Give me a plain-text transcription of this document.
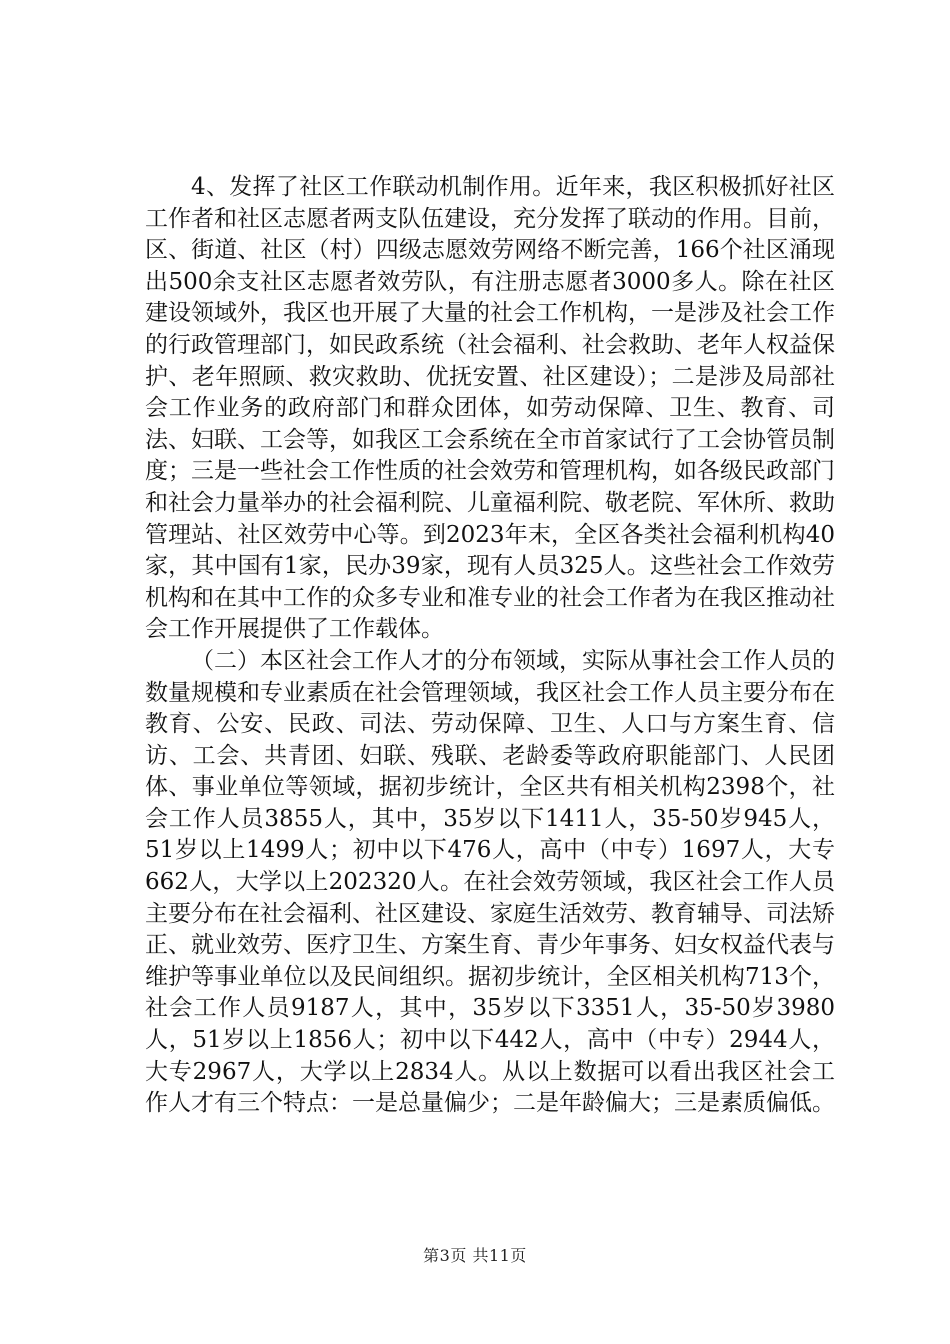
4、发挥了社区工作联动机制作用。近年来，我区积极抓好社区工作者和社区志愿者两支队伍建设，充分发挥了联动的作用。目前，区、街道、社区（村）四级志愿效劳网络不断完善，166个社区涌现出500余支社区志愿者效劳队，有注册志愿者3000多人。除在社区建设领域外，我区也开展了大量的社会工作机构，一是涉及社会工作的行政管理部门，如民政系统（社会福利、社会救助、老年人权益保护、老年照顾、救灾救助、优抚安置、社区建设）；二是涉及局部社会工作业务的政府部门和群众团体，如劳动保障、卫生、教育、司法、妇联、工会等，如我区工会系统在全市首家试行了工会协管员制度；三是一些社会工作性质的社会效劳和管理机构，如各级民政部门和社会力量举办的社会福利院、儿童福利院、敬老院、军休所、救助管理站、社区效劳中心等。到2023年末，全区各类社会福利机构40家，其中国有1家，民办39家，现有人员325人。这些社会工作效劳机构和在其中工作的众多专业和准专业的社会工作者为在我区推动社会工作开展提供了工作载体。

（二）本区社会工作人才的分布领域，实际从事社会工作人员的数量规模和专业素质在社会管理领域，我区社会工作人员主要分布在教育、公安、民政、司法、劳动保障、卫生、人口与方案生育、信访、工会、共青团、妇联、残联、老龄委等政府职能部门、人民团体、事业单位等领域，据初步统计，全区共有相关机构2398个，社会工作人员3855人，其中，35岁以下1411人，35-50岁945人，51岁以上1499人；初中以下476人，高中（中专）1697人，大专662人，大学以上202320人。在社会效劳领域，我区社会工作人员主要分布在社会福利、社区建设、家庭生活效劳、教育辅导、司法矫正、就业效劳、医疗卫生、方案生育、青少年事务、妇女权益代表与维护等事业单位以及民间组织。据初步统计，全区相关机构713个，社会工作人员9187人，其中，35岁以下3351人，35-50岁3980人，51岁以上1856人；初中以下442人，高中（中专）2944人，大专2967人，大学以上2834人。从以上数据可以看出我区社会工作人才有三个特点：一是总量偏少；二是年龄偏大；三是素质偏低。

第3页 共11页
